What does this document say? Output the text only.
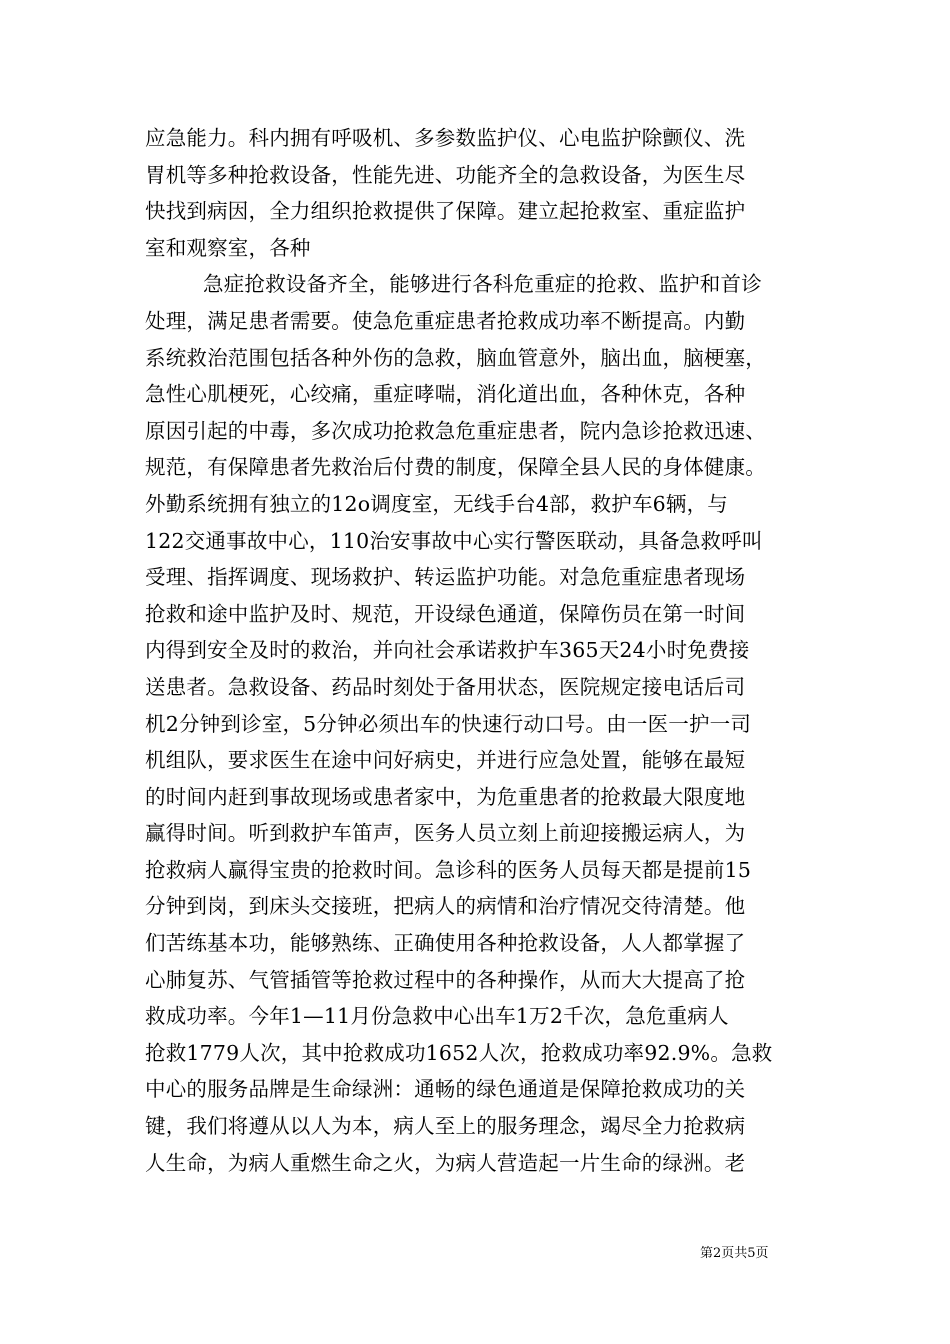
应急能力。科内拥有呼吸机、多参数监护仪、心电监护除颤仪、洗
胃机等多种抢救设备，性能先进、功能齐全的急救设备，为医生尽
快找到病因，全力组织抢救提供了保障。建立起抢救室、重症监护
室和观察室，各种
急症抢救设备齐全，能够进行各科危重症的抢救、监护和首诊
处理，满足患者需要。使急危重症患者抢救成功率不断提高。内勤
系统救治范围包括各种外伤的急救，脑血管意外，脑出血，脑梗塞，
急性心肌梗死，心绞痛，重症哮喘，消化道出血，各种休克，各种
原因引起的中毒，多次成功抢救急危重症患者，院内急诊抢救迅速、
规范，有保障患者先救治后付费的制度，保障全县人民的身体健康。
外勤系统拥有独立的12o调度室，无线手台4部，救护车6辆，与
122交通事故中心，110治安事故中心实行警医联动，具备急救呼叫
受理、指挥调度、现场救护、转运监护功能。对急危重症患者现场
抢救和途中监护及时、规范，开设绿色通道，保障伤员在第一时间
内得到安全及时的救治，并向社会承诺救护车365天24小时免费接
送患者。急救设备、药品时刻处于备用状态，医院规定接电话后司
机2分钟到诊室，5分钟必须出车的快速行动口号。由一医一护一司
机组队，要求医生在途中问好病史，并进行应急处置，能够在最短
的时间内赶到事故现场或患者家中，为危重患者的抢救最大限度地
赢得时间。听到救护车笛声，医务人员立刻上前迎接搬运病人，为
抢救病人赢得宝贵的抢救时间。急诊科的医务人员每天都是提前15
分钟到岗，到床头交接班，把病人的病情和治疗情况交待清楚。他
们苦练基本功，能够熟练、正确使用各种抢救设备，人人都掌握了
心肺复苏、气管插管等抢救过程中的各种操作，从而大大提高了抢
救成功率。今年1—11月份急救中心出车1万2千次，急危重病人
抢救1779人次，其中抢救成功1652人次，抢救成功率92.9%。急救
中心的服务品牌是生命绿洲：通畅的绿色通道是保障抢救成功的关
键，我们将遵从以人为本，病人至上的服务理念，竭尽全力抢救病
人生命，为病人重燃生命之火，为病人营造起一片生命的绿洲。老
第2页共5页
